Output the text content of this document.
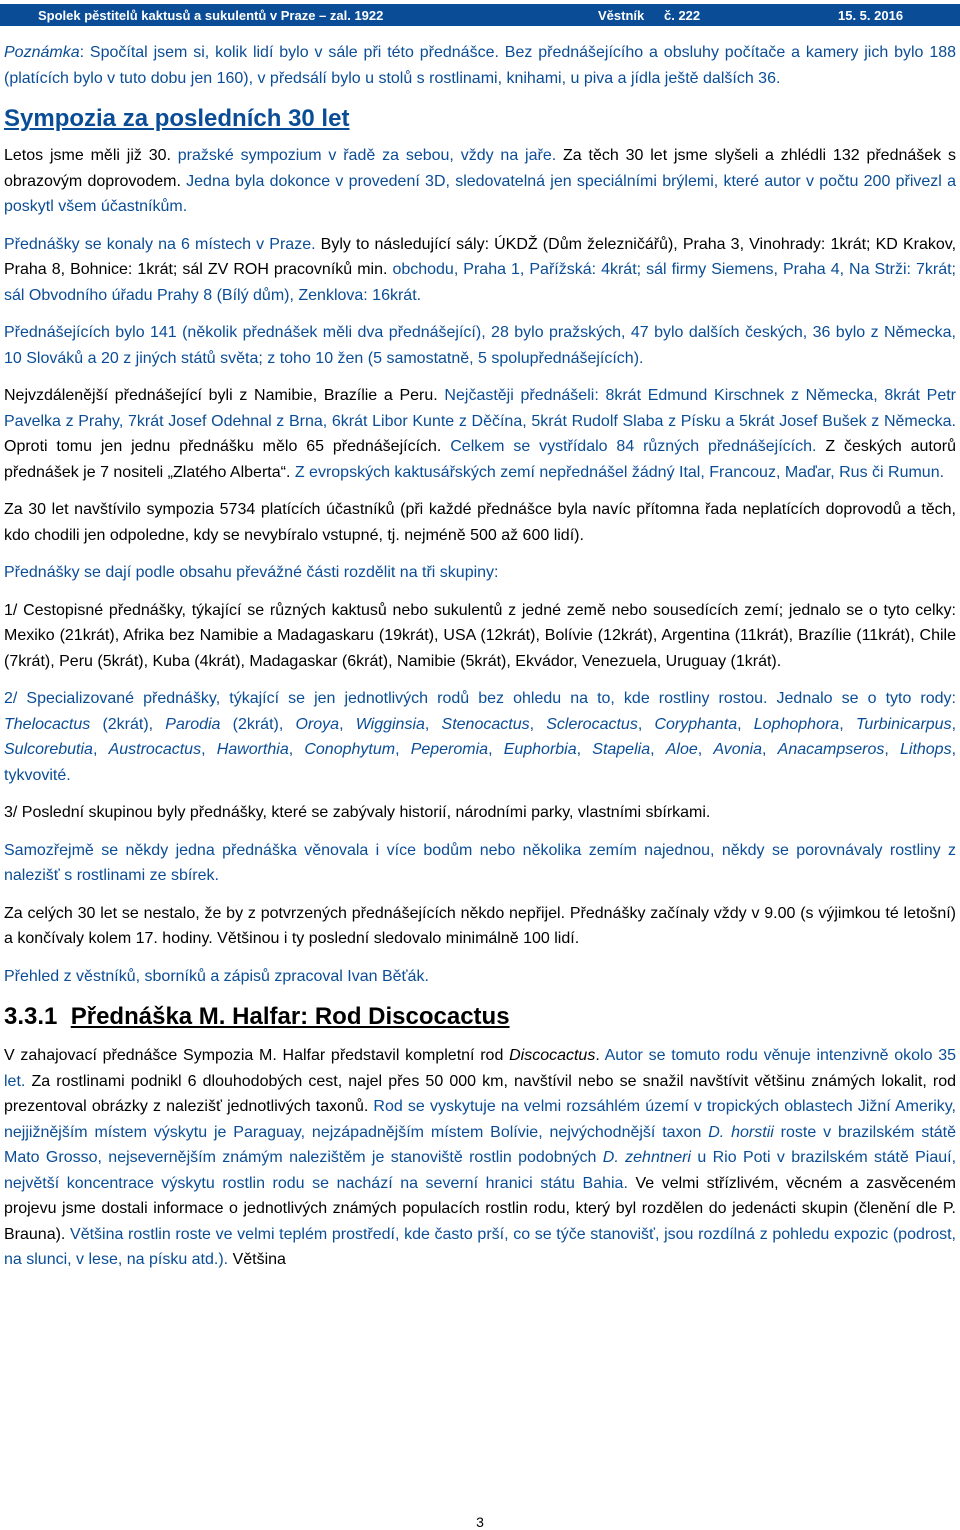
Spolek pěstitelů kaktusů a sukulentů v Praze – zal. 1922	Věstník č. 222	15. 5. 2016

Poznámka: Spočítal jsem si, kolik lidí bylo v sále při této přednášce. Bez přednášejícího a obsluhy počítače a kamery jich bylo 188 (platících bylo v tuto dobu jen 160), v předsálí bylo u stolů s rostlinami, knihami, u piva a jídla ještě dalších 36.

Sympozia za posledních 30 let

Letos jsme měli již 30. pražské sympozium v řadě za sebou, vždy na jaře. Za těch 30 let jsme slyšeli a zhlédli 132 přednášek s obrazovým doprovodem. Jedna byla dokonce v provedení 3D, sledovatelná jen speciálními brýlemi, které autor v počtu 200 přivezl a poskytl všem účastníkům.

Přednášky se konaly na 6 místech v Praze. Byly to následující sály: ÚKDŽ (Dům železničářů), Praha 3, Vinohrady: 1krát; KD Krakov, Praha 8, Bohnice: 1krát; sál ZV ROH pracovníků min. obchodu, Praha 1, Pařížská: 4krát; sál firmy Siemens, Praha 4, Na Strži: 7krát; sál Obvodního úřadu Prahy 8 (Bílý dům), Zenklova: 16krát.

Přednášejících bylo 141 (několik přednášek měli dva přednášející), 28 bylo pražských, 47 bylo dalších českých, 36 bylo z Německa, 10 Slováků a 20 z jiných států světa; z toho 10 žen (5 samostatně, 5 spolupřednášejících).

Nejvzdálenější přednášející byli z Namibie, Brazílie a Peru. Nejčastěji přednášeli: 8krát Edmund Kirschnek z Německa, 8krát Petr Pavelka z Prahy, 7krát Josef Odehnal z Brna, 6krát Libor Kunte z Děčína, 5krát Rudolf Slaba z Písku a 5krát Josef Bušek z Německa. Oproti tomu jen jednu přednášku mělo 65 přednášejících. Celkem se vystřídalo 84 různých přednášejících. Z českých autorů přednášek je 7 nositeli „Zlatého Alberta“. Z evropských kaktusářských zemí nepřednášel žádný Ital, Francouz, Maďar, Rus či Rumun.

Za 30 let navštívilo sympozia 5734 platících účastníků (při každé přednášce byla navíc přítomna řada neplatících doprovodů a těch, kdo chodili jen odpoledne, kdy se nevybíralo vstupné, tj. nejméně 500 až 600 lidí).

Přednášky se dají podle obsahu převážné části rozdělit na tři skupiny:

1/ Cestopisné přednášky, týkající se různých kaktusů nebo sukulentů z jedné země nebo sousedících zemí; jednalo se o tyto celky: Mexiko (21krát), Afrika bez Namibie a Madagaskaru (19krát), USA (12krát), Bolívie (12krát), Argentina (11krát), Brazílie (11krát), Chile (7krát), Peru (5krát), Kuba (4krát), Madagaskar (6krát), Namibie (5krát), Ekvádor, Venezuela, Uruguay (1krát).

2/ Specializované přednášky, týkající se jen jednotlivých rodů bez ohledu na to, kde rostliny rostou. Jednalo se o tyto rody: Thelocactus (2krát), Parodia (2krát), Oroya, Wigginsia, Stenocactus, Sclerocactus, Coryphanta, Lophophora, Turbinicarpus, Sulcorebutia, Austrocactus, Haworthia, Conophytum, Peperomia, Euphorbia, Stapelia, Aloe, Avonia, Anacampseros, Lithops, tykvovité.

3/ Poslední skupinou byly přednášky, které se zabývaly historií, národními parky, vlastními sbírkami.

Samozřejmě se někdy jedna přednáška věnovala i více bodům nebo několika zemím najednou, někdy se porovnávaly rostliny z nalezišť s rostlinami ze sbírek.

Za celých 30 let se nestalo, že by z potvrzených přednášejících někdo nepřijel. Přednášky začínaly vždy v 9.00 (s výjimkou té letošní) a končívaly kolem 17. hodiny. Většinou i ty poslední sledovalo minimálně 100 lidí.

Přehled z věstníků, sborníků a zápisů zpracoval Ivan Běťák.

3.3.1 Přednáška M. Halfar: Rod Discocactus

V zahajovací přednášce Sympozia M. Halfar představil kompletní rod Discocactus. Autor se tomuto rodu věnuje intenzivně okolo 35 let. Za rostlinami podnikl 6 dlouhodobých cest, najel přes 50 000 km, navštívil nebo se snažil navštívit většinu známých lokalit, rod prezentoval obrázky z nalezišť jednotlivých taxonů. Rod se vyskytuje na velmi rozsáhlém území v tropických oblastech Jižní Ameriky, nejjižnějším místem výskytu je Paraguay, nejzápadnějším místem Bolívie, nejvýchodnější taxon D. horstii roste v brazilském státě Mato Grosso, nejsevernějším známým nalezištěm je stanoviště rostlin podobných D. zehntneri u Rio Poti v brazilském státě Piauí, největší koncentrace výskytu rostlin rodu se nachází na severní hranici státu Bahia. Ve velmi střízlivém, věcném a zasvěceném projevu jsme dostali informace o jednotlivých známých populacích rostlin rodu, který byl rozdělen do jedenácti skupin (členění dle P. Brauna). Většina rostlin roste ve velmi teplém prostředí, kde často prší, co se týče stanovišť, jsou rozdílná z pohledu expozic (podrost, na slunci, v lese, na písku atd.). Většina

3
